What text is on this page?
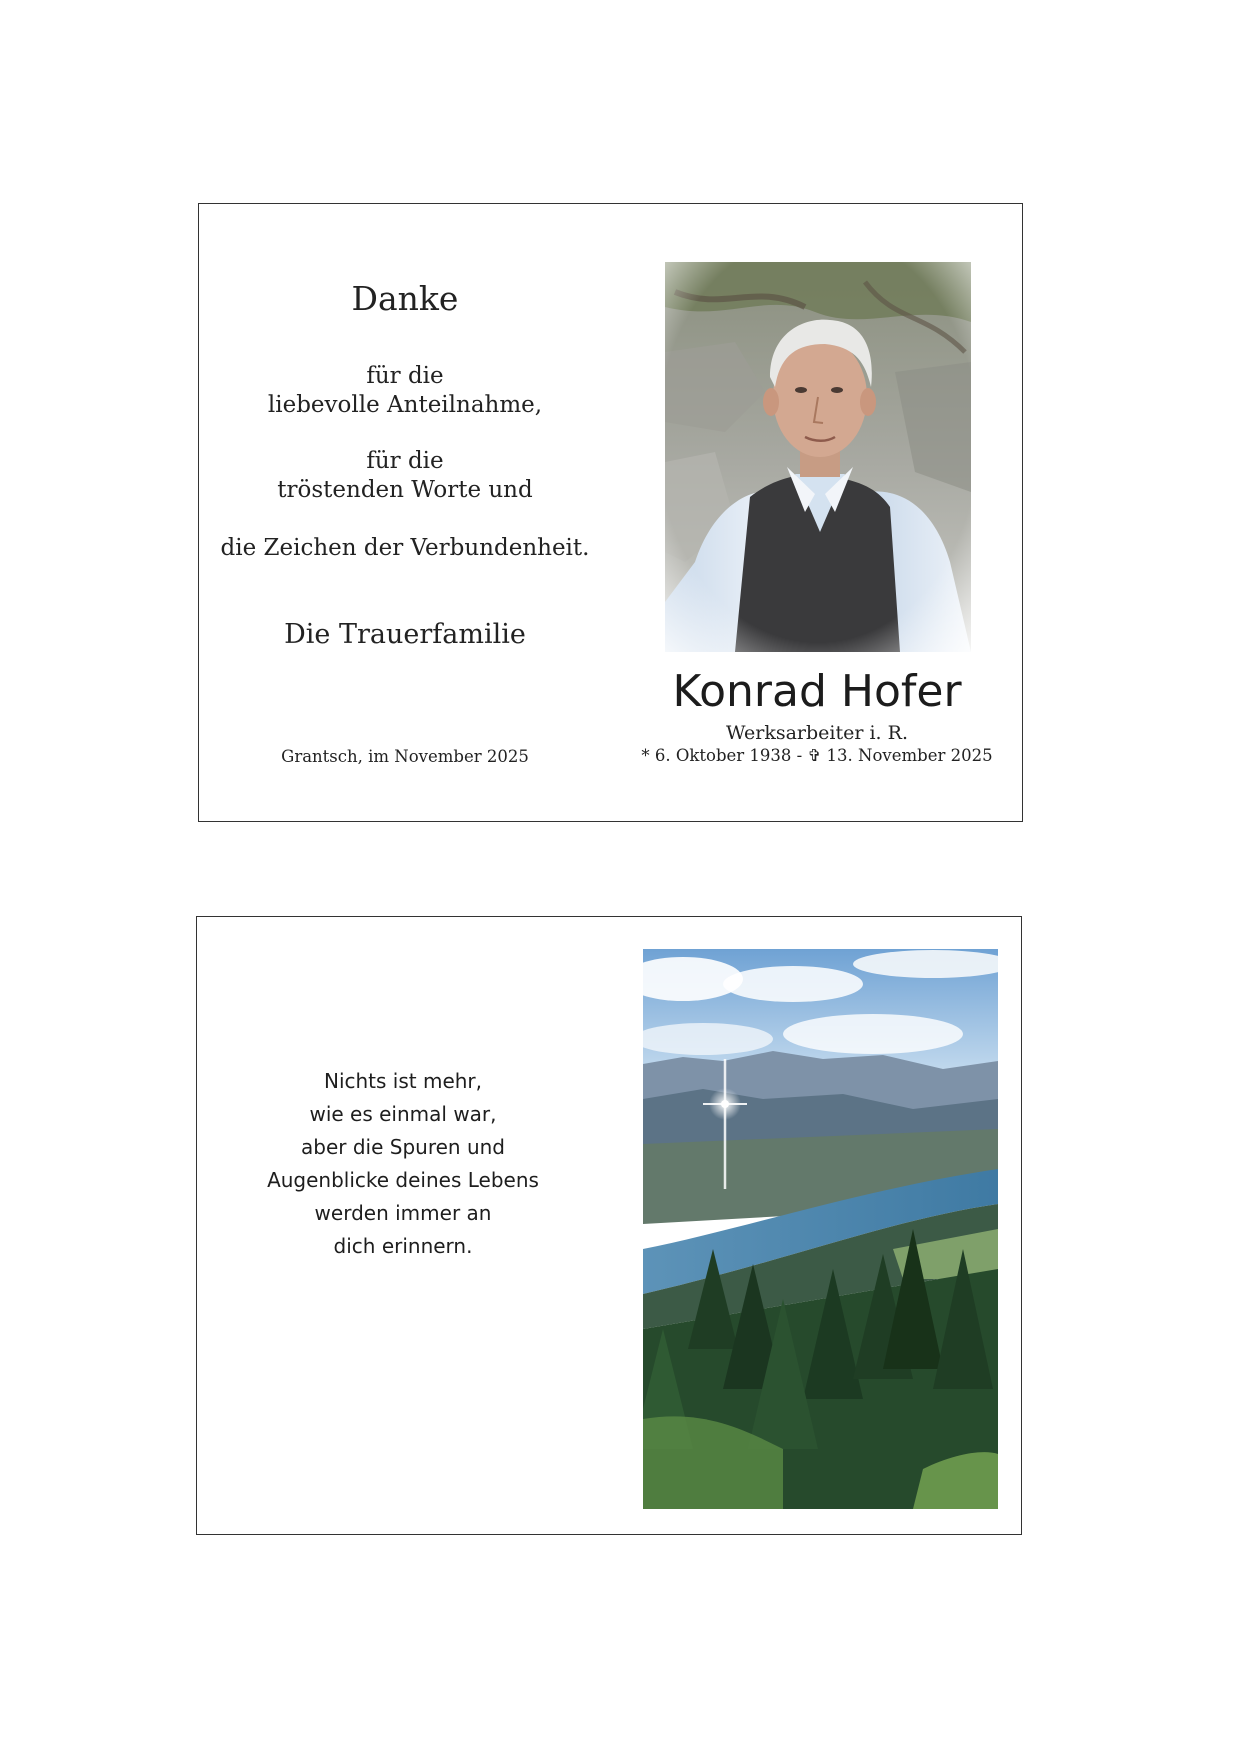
Danke
für die
liebevolle Anteilnahme,
für die
tröstenden Worte und
die Zeichen der Verbundenheit.
Die Trauerfamilie
Grantsch, im November 2025
Konrad Hofer
Werksarbeiter i. R.
* 6. Oktober 1938 - ✞ 13. November 2025
Nichts ist mehr,
wie es einmal war,
aber die Spuren und
Augenblicke deines Lebens
werden immer an
dich erinnern.
